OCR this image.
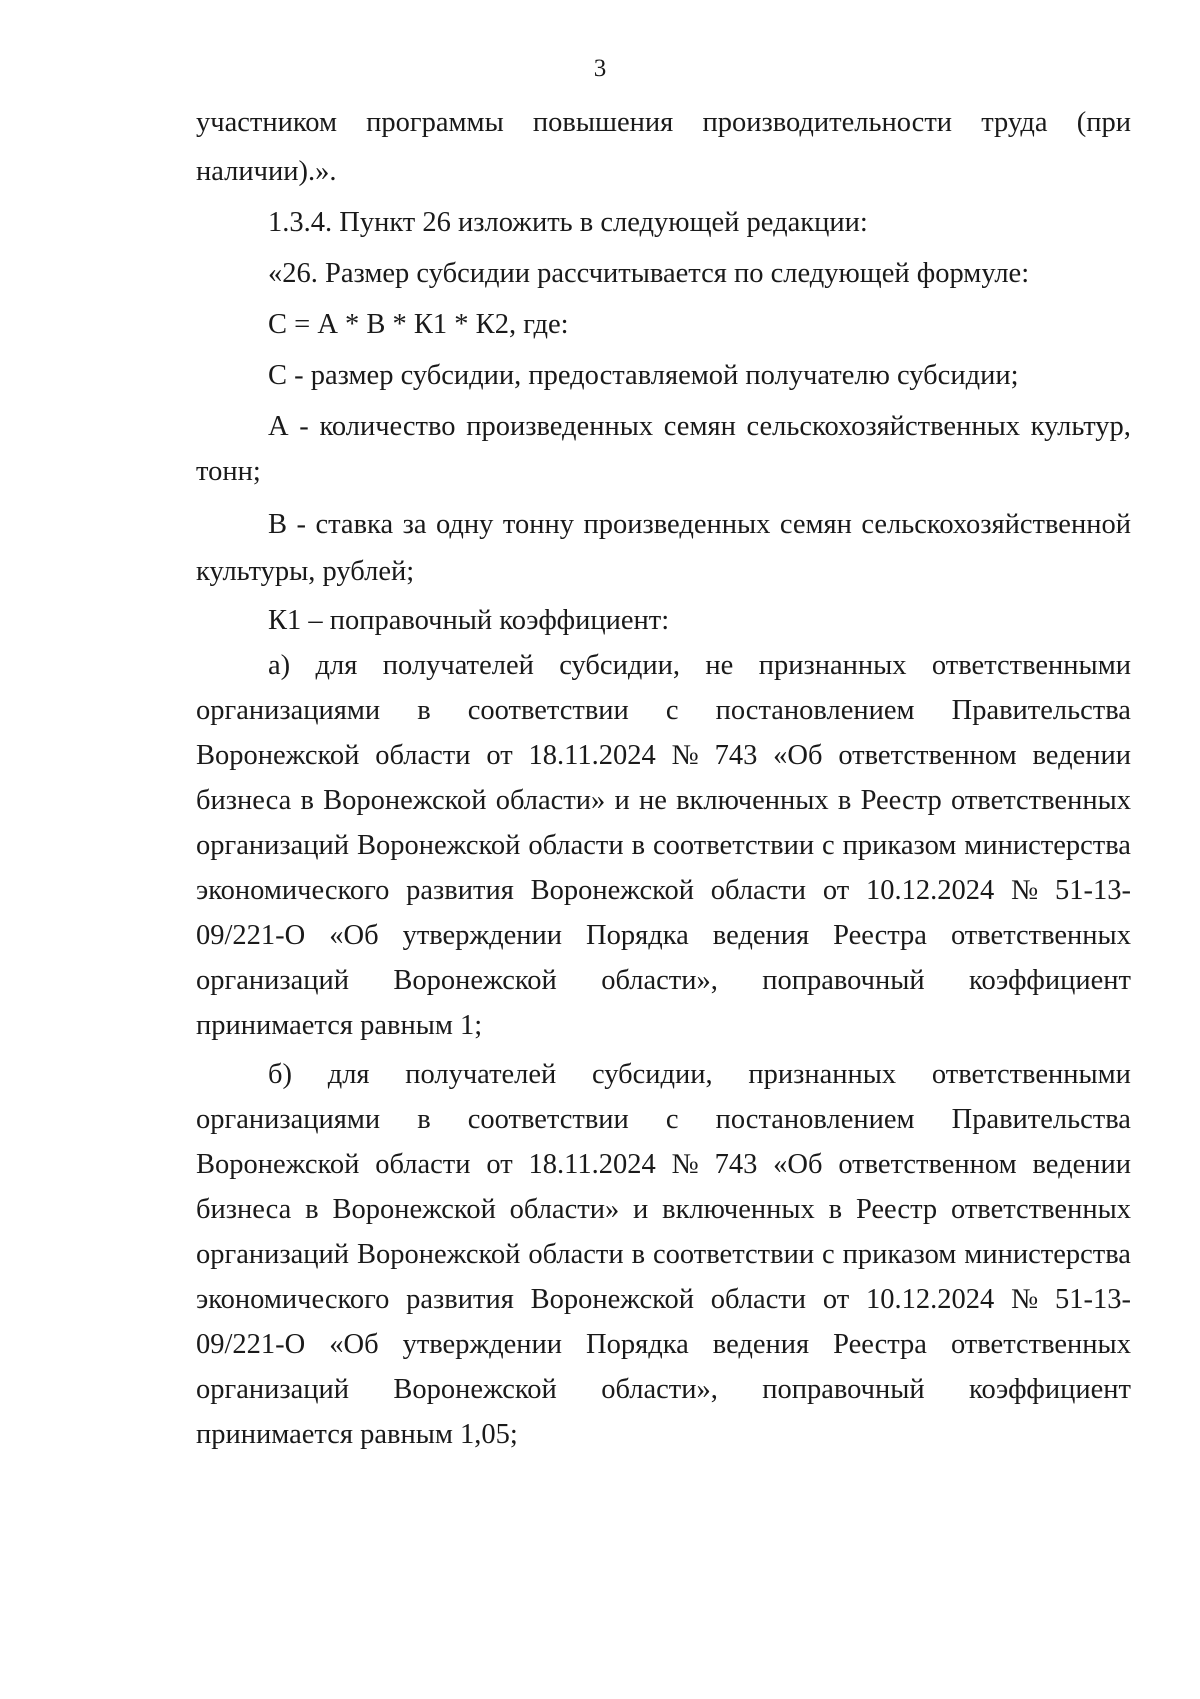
3
участником программы повышения производительности труда (при
наличии).».
1.3.4. Пункт 26 изложить в следующей редакции:
«26. Размер субсидии рассчитывается по следующей формуле:
С = А * В * К1 * К2, где:
С - размер субсидии, предоставляемой получателю субсидии;
А - количество произведенных семян сельскохозяйственных культур,
тонн;
В - ставка за одну тонну произведенных семян сельскохозяйственной
культуры, рублей;
К1 – поправочный коэффициент:
а) для получателей субсидии, не признанных ответственными
организациями в соответствии с постановлением Правительства
Воронежской области от 18.11.2024 № 743 «Об ответственном ведении
бизнеса в Воронежской области» и не включенных в Реестр ответственных
организаций Воронежской области в соответствии с приказом министерства
экономического развития Воронежской области от 10.12.2024 № 51-13-
09/221-О «Об утверждении Порядка ведения Реестра ответственных
организаций Воронежской области», поправочный коэффициент
принимается равным 1;
б) для получателей субсидии, признанных ответственными
организациями в соответствии с постановлением Правительства
Воронежской области от 18.11.2024 № 743 «Об ответственном ведении
бизнеса в Воронежской области» и включенных в Реестр ответственных
организаций Воронежской области в соответствии с приказом министерства
экономического развития Воронежской области от 10.12.2024 № 51-13-
09/221-О «Об утверждении Порядка ведения Реестра ответственных
организаций Воронежской области», поправочный коэффициент
принимается равным 1,05;
